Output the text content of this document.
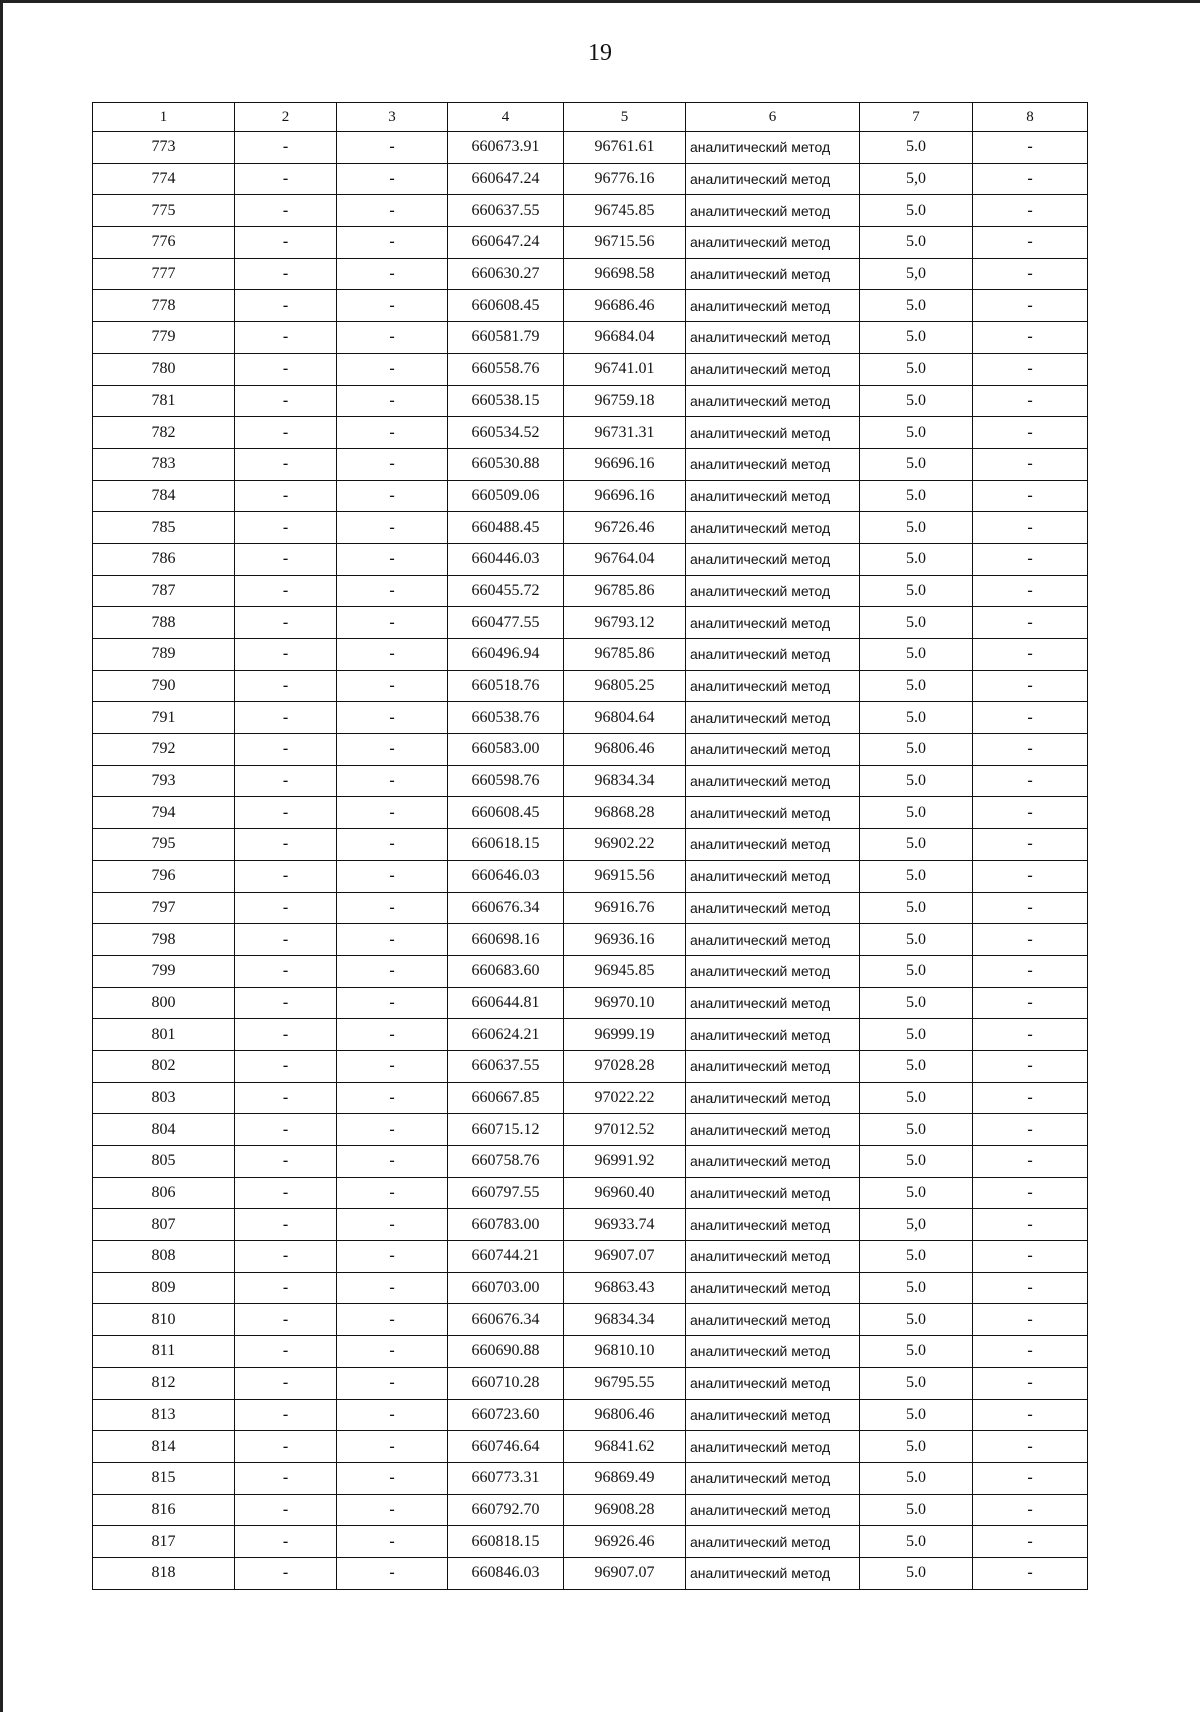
19
1	2	3	4	5	6	7	8
773	-	-	660673.91	96761.61	аналитический метод	5.0	-
774	-	-	660647.24	96776.16	аналитический метод	5,0	-
775	-	-	660637.55	96745.85	аналитический метод	5.0	-
776	-	-	660647.24	96715.56	аналитический метод	5.0	-
777	-	-	660630.27	96698.58	аналитический метод	5,0	-
778	-	-	660608.45	96686.46	аналитический метод	5.0	-
779	-	-	660581.79	96684.04	аналитический метод	5.0	-
780	-	-	660558.76	96741.01	аналитический метод	5.0	-
781	-	-	660538.15	96759.18	аналитический метод	5.0	-
782	-	-	660534.52	96731.31	аналитический метод	5.0	-
783	-	-	660530.88	96696.16	аналитический метод	5.0	-
784	-	-	660509.06	96696.16	аналитический метод	5.0	-
785	-	-	660488.45	96726.46	аналитический метод	5.0	-
786	-	-	660446.03	96764.04	аналитический метод	5.0	-
787	-	-	660455.72	96785.86	аналитический метод	5.0	-
788	-	-	660477.55	96793.12	аналитический метод	5.0	-
789	-	-	660496.94	96785.86	аналитический метод	5.0	-
790	-	-	660518.76	96805.25	аналитический метод	5.0	-
791	-	-	660538.76	96804.64	аналитический метод	5.0	-
792	-	-	660583.00	96806.46	аналитический метод	5.0	-
793	-	-	660598.76	96834.34	аналитический метод	5.0	-
794	-	-	660608.45	96868.28	аналитический метод	5.0	-
795	-	-	660618.15	96902.22	аналитический метод	5.0	-
796	-	-	660646.03	96915.56	аналитический метод	5.0	-
797	-	-	660676.34	96916.76	аналитический метод	5.0	-
798	-	-	660698.16	96936.16	аналитический метод	5.0	-
799	-	-	660683.60	96945.85	аналитический метод	5.0	-
800	-	-	660644.81	96970.10	аналитический метод	5.0	-
801	-	-	660624.21	96999.19	аналитический метод	5.0	-
802	-	-	660637.55	97028.28	аналитический метод	5.0	-
803	-	-	660667.85	97022.22	аналитический метод	5.0	-
804	-	-	660715.12	97012.52	аналитический метод	5.0	-
805	-	-	660758.76	96991.92	аналитический метод	5.0	-
806	-	-	660797.55	96960.40	аналитический метод	5.0	-
807	-	-	660783.00	96933.74	аналитический метод	5,0	-
808	-	-	660744.21	96907.07	аналитический метод	5.0	-
809	-	-	660703.00	96863.43	аналитический метод	5.0	-
810	-	-	660676.34	96834.34	аналитический метод	5.0	-
811	-	-	660690.88	96810.10	аналитический метод	5.0	-
812	-	-	660710.28	96795.55	аналитический метод	5.0	-
813	-	-	660723.60	96806.46	аналитический метод	5.0	-
814	-	-	660746.64	96841.62	аналитический метод	5.0	-
815	-	-	660773.31	96869.49	аналитический метод	5.0	-
816	-	-	660792.70	96908.28	аналитический метод	5.0	-
817	-	-	660818.15	96926.46	аналитический метод	5.0	-
818	-	-	660846.03	96907.07	аналитический метод	5.0	-
